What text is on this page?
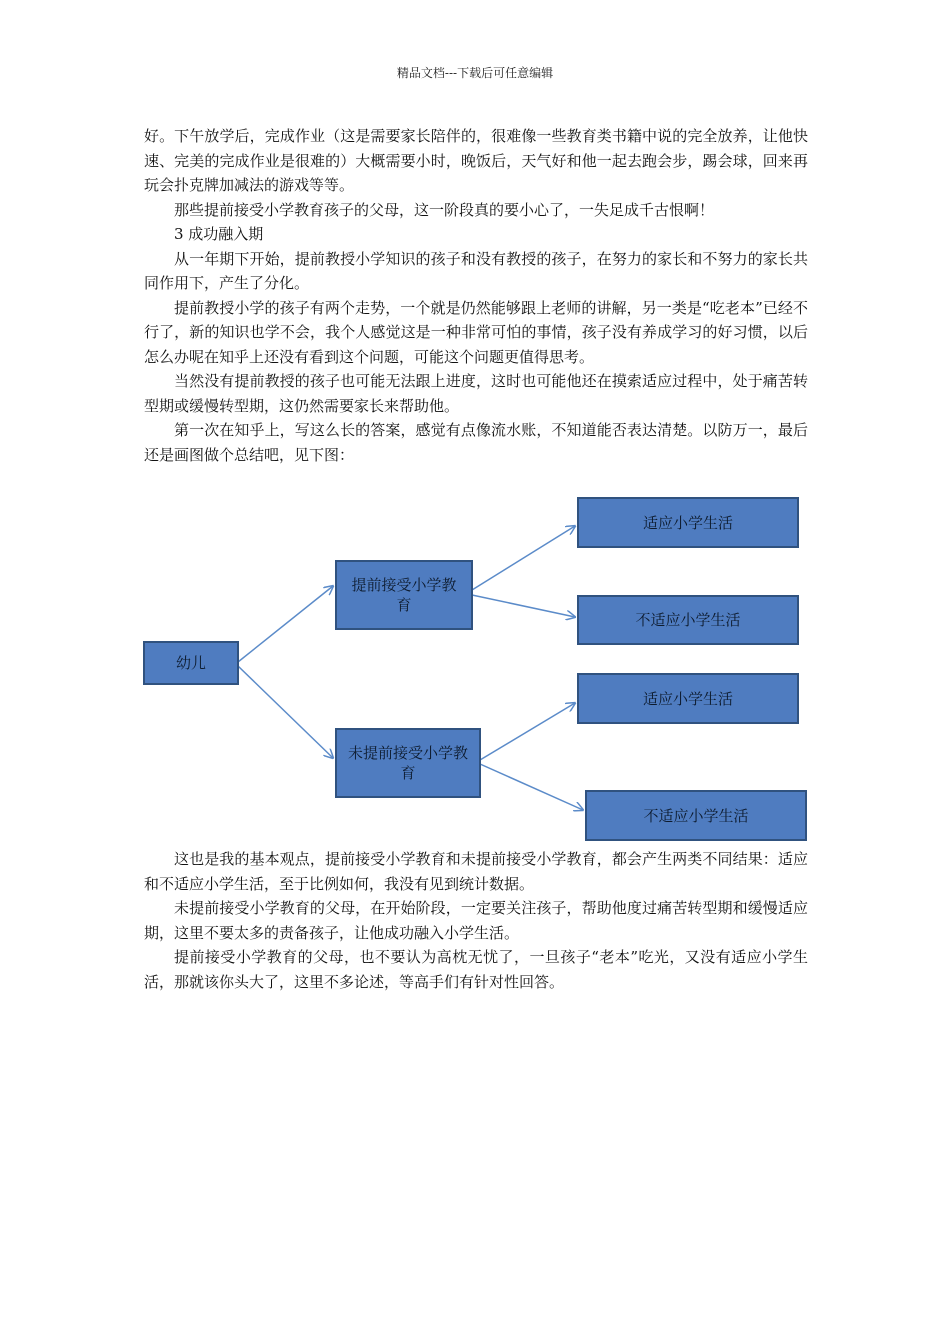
精品文档---下载后可任意编辑

好。下午放学后，完成作业（这是需要家长陪伴的，很难像一些教育类书籍中说的完全放养，让他快速、完美的完成作业是很难的）大概需要小时，晚饭后，天气好和他一起去跑会步，踢会球，回来再玩会扑克牌加减法的游戏等等。

那些提前接受小学教育孩子的父母，这一阶段真的要小心了，一失足成千古恨啊！

3 成功融入期

从一年期下开始，提前教授小学知识的孩子和没有教授的孩子，在努力的家长和不努力的家长共同作用下，产生了分化。

提前教授小学的孩子有两个走势，一个就是仍然能够跟上老师的讲解，另一类是“吃老本”已经不行了，新的知识也学不会，我个人感觉这是一种非常可怕的事情，孩子没有养成学习的好习惯，以后怎么办呢在知乎上还没有看到这个问题，可能这个问题更值得思考。

当然没有提前教授的孩子也可能无法跟上进度，这时也可能他还在摸索适应过程中，处于痛苦转型期或缓慢转型期，这仍然需要家长来帮助他。

第一次在知乎上，写这么长的答案，感觉有点像流水账，不知道能否表达清楚。以防万一，最后还是画图做个总结吧，见下图：

幼儿
提前接受小学教育
未提前接受小学教育
适应小学生活
不适应小学生活
适应小学生活
不适应小学生活

这也是我的基本观点，提前接受小学教育和未提前接受小学教育，都会产生两类不同结果：适应和不适应小学生活，至于比例如何，我没有见到统计数据。

未提前接受小学教育的父母，在开始阶段，一定要关注孩子，帮助他度过痛苦转型期和缓慢适应期，这里不要太多的责备孩子，让他成功融入小学生活。

提前接受小学教育的父母，也不要认为高枕无忧了，一旦孩子“老本”吃光，又没有适应小学生活，那就该你头大了，这里不多论述，等高手们有针对性回答。
